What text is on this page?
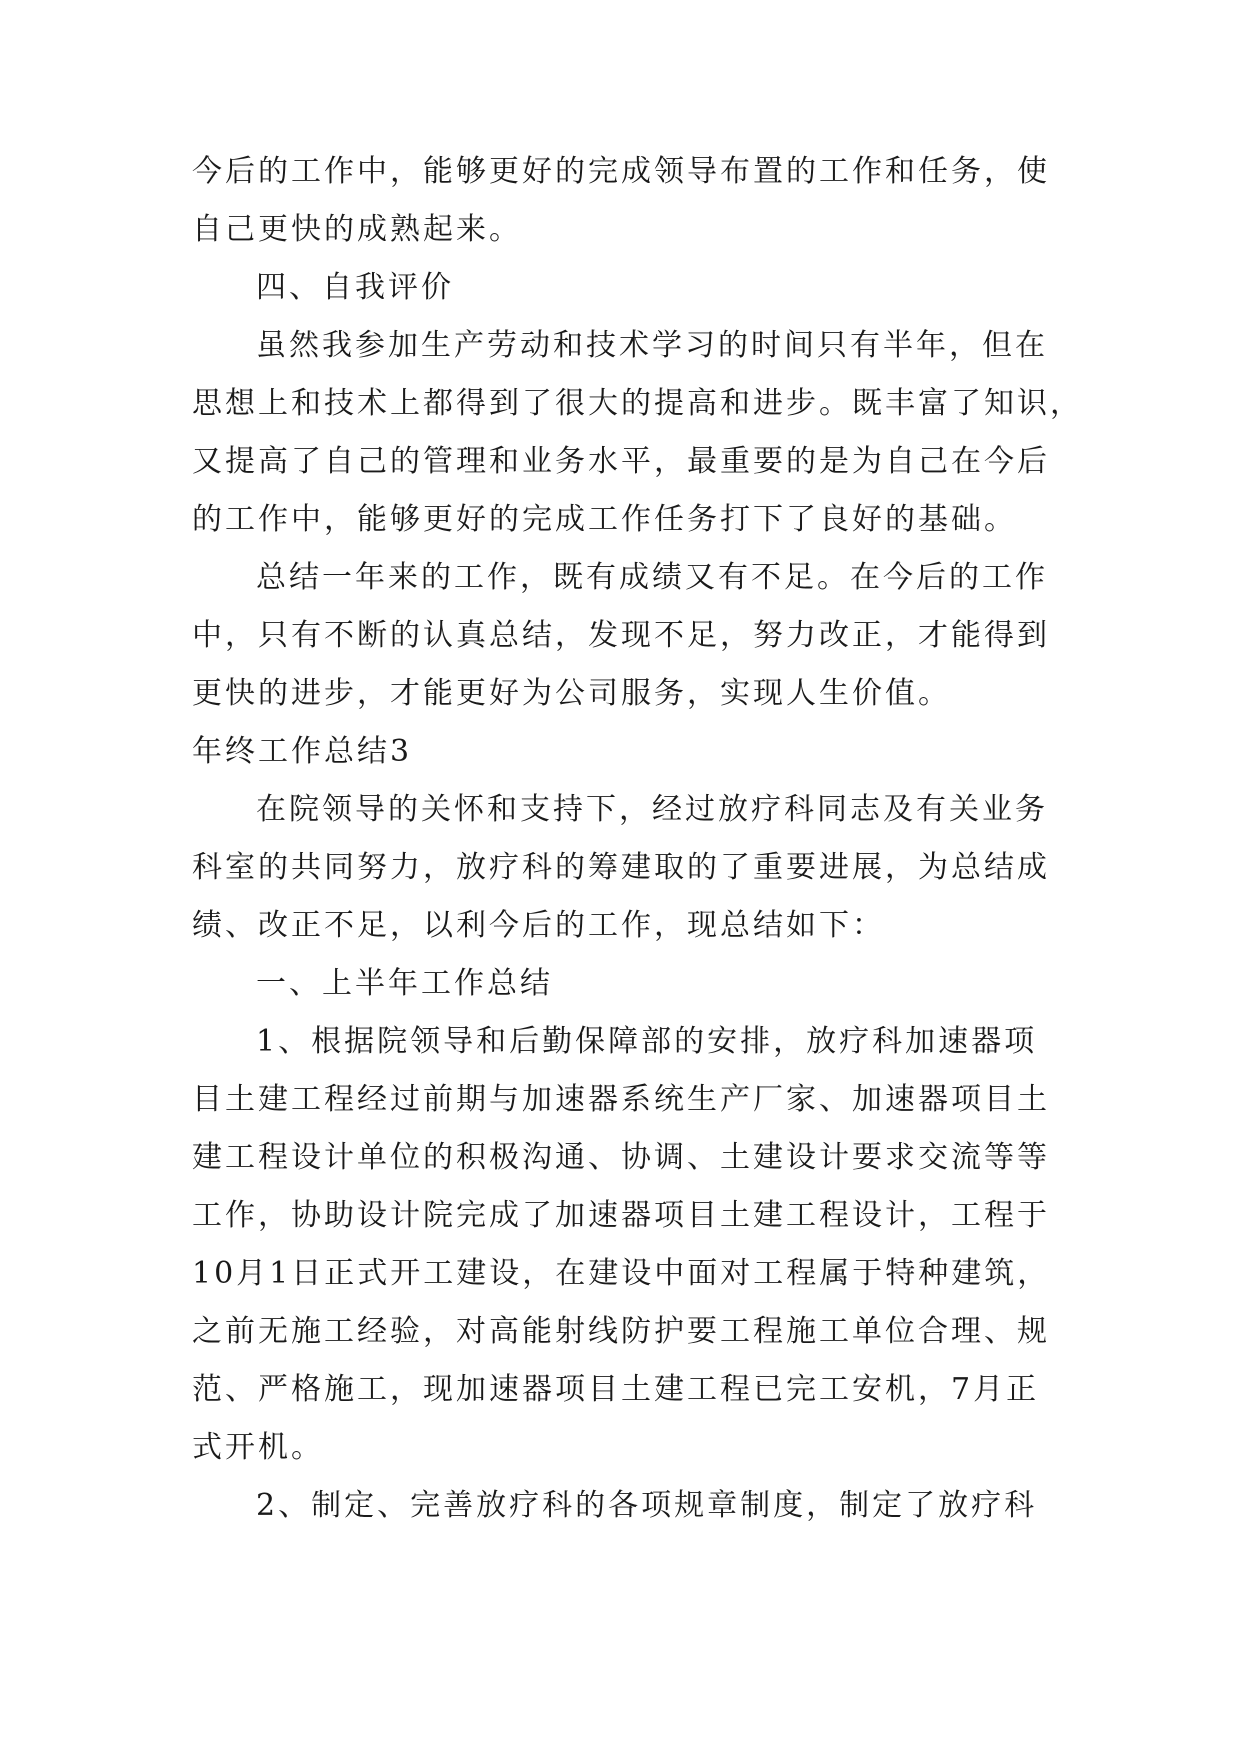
今后的工作中，能够更好的完成领导布置的工作和任务，使
自己更快的成熟起来。
四、自我评价
虽然我参加生产劳动和技术学习的时间只有半年，但在
思想上和技术上都得到了很大的提高和进步。既丰富了知识，
又提高了自己的管理和业务水平，最重要的是为自己在今后
的工作中，能够更好的完成工作任务打下了良好的基础。
总结一年来的工作，既有成绩又有不足。在今后的工作
中，只有不断的认真总结，发现不足，努力改正，才能得到
更快的进步，才能更好为公司服务，实现人生价值。
年终工作总结3
在院领导的关怀和支持下，经过放疗科同志及有关业务
科室的共同努力，放疗科的筹建取的了重要进展，为总结成
绩、改正不足，以利今后的工作，现总结如下：
一、上半年工作总结
1、根据院领导和后勤保障部的安排，放疗科加速器项
目土建工程经过前期与加速器系统生产厂家、加速器项目土
建工程设计单位的积极沟通、协调、土建设计要求交流等等
工作，协助设计院完成了加速器项目土建工程设计，工程于
10月1日正式开工建设，在建设中面对工程属于特种建筑，
之前无施工经验，对高能射线防护要工程施工单位合理、规
范、严格施工，现加速器项目土建工程已完工安机，7月正
式开机。
2、制定、完善放疗科的各项规章制度，制定了放疗科
